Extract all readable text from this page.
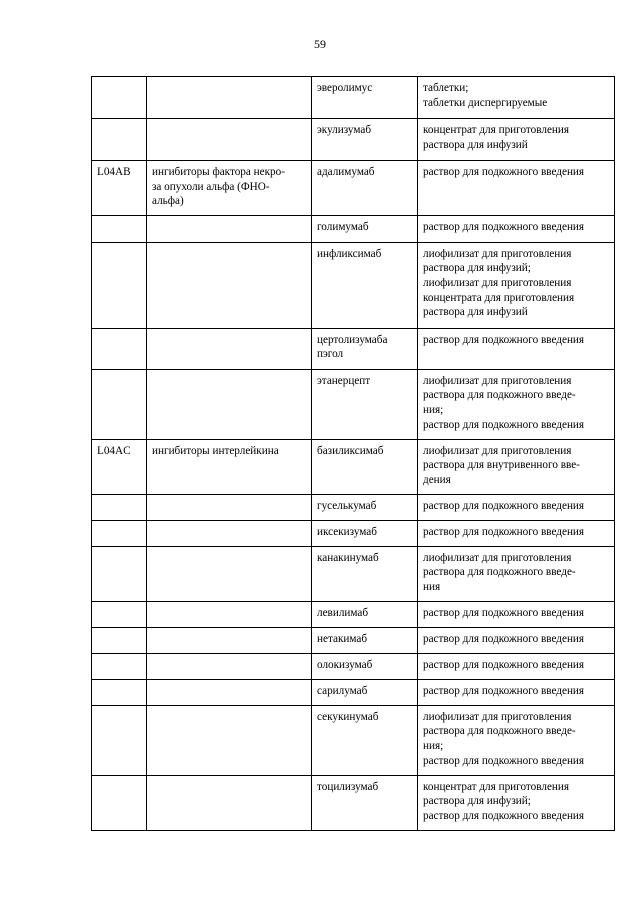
59
		эверолимус	таблетки;
таблетки диспергируемые
		экулизумаб	концентрат для приготовления
раствора для инфузий
L04AB	ингибиторы фактора некро-
за опухоли альфа (ФНО-
альфа)	адалимумаб	раствор для подкожного введения
		голимумаб	раствор для подкожного введения
		инфликсимаб	лиофилизат для приготовления
раствора для инфузий;
лиофилизат для приготовления
концентрата для приготовления
раствора для инфузий
		цертолизумаба
пэгол	раствор для подкожного введения
		этанерцепт	лиофилизат для приготовления
раствора для подкожного введе-
ния;
раствор для подкожного введения
L04AC	ингибиторы интерлейкина	базиликсимаб	лиофилизат для приготовления
раствора для внутривенного вве-
дения
		гуселькумаб	раствор для подкожного введения
		иксекизумаб	раствор для подкожного введения
		канакинумаб	лиофилизат для приготовления
раствора для подкожного введе-
ния
		левилимаб	раствор для подкожного введения
		нетакимаб	раствор для подкожного введения
		олокизумаб	раствор для подкожного введения
		сарилумаб	раствор для подкожного введения
		секукинумаб	лиофилизат для приготовления
раствора для подкожного введе-
ния;
раствор для подкожного введения
		тоцилизумаб	концентрат для приготовления
раствора для инфузий;
раствор для подкожного введения
